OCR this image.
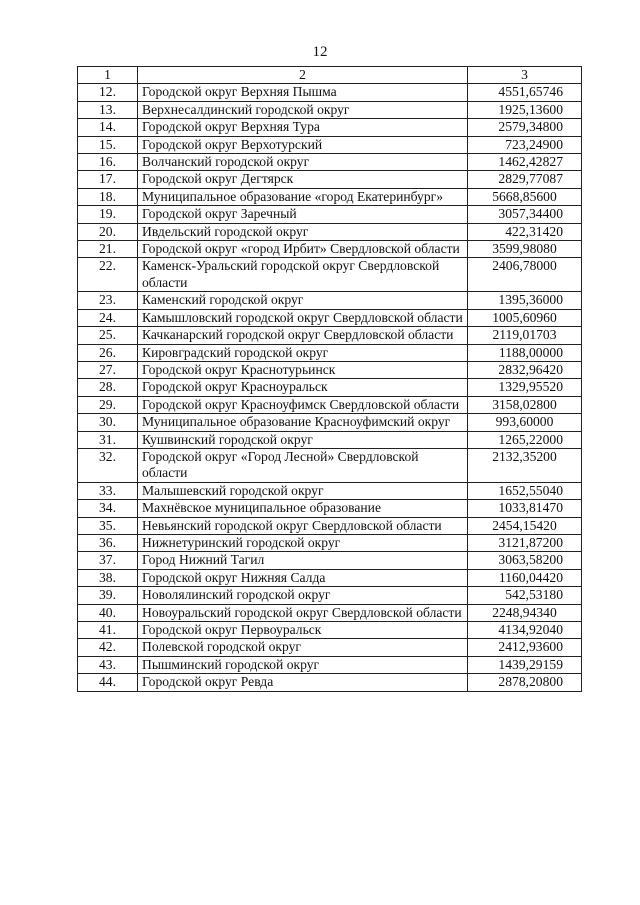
12
1	2	3
12.	Городской округ Верхняя Пышма	4551,65746
13.	Верхнесалдинский городской округ	1925,13600
14.	Городской округ Верхняя Тура	2579,34800
15.	Городской округ Верхотурский	723,24900
16.	Волчанский городской округ	1462,42827
17.	Городской округ Дегтярск	2829,77087
18.	Муниципальное образование «город Екатеринбург»	5668,85600
19.	Городской округ Заречный	3057,34400
20.	Ивдельский городской округ	422,31420
21.	Городской округ «город Ирбит» Свердловской области	3599,98080
22.	Каменск-Уральский городской округ Свердловской области	2406,78000
23.	Каменский городской округ	1395,36000
24.	Камышловский городской округ Свердловской области	1005,60960
25.	Качканарский городской округ Свердловской области	2119,01703
26.	Кировградский городской округ	1188,00000
27.	Городской округ Краснотурьинск	2832,96420
28.	Городской округ Красноуральск	1329,95520
29.	Городской округ Красноуфимск Свердловской области	3158,02800
30.	Муниципальное образование Красноуфимский округ	993,60000
31.	Кушвинский городской округ	1265,22000
32.	Городской округ «Город Лесной» Свердловской области	2132,35200
33.	Малышевский городской округ	1652,55040
34.	Махнёвское муниципальное образование	1033,81470
35.	Невьянский городской округ Свердловской области	2454,15420
36.	Нижнетуринский городской округ	3121,87200
37.	Город Нижний Тагил	3063,58200
38.	Городской округ Нижняя Салда	1160,04420
39.	Новолялинский городской округ	542,53180
40.	Новоуральский городской округ Свердловской области	2248,94340
41.	Городской округ Первоуральск	4134,92040
42.	Полевской городской округ	2412,93600
43.	Пышминский городской округ	1439,29159
44.	Городской округ Ревда	2878,20800
